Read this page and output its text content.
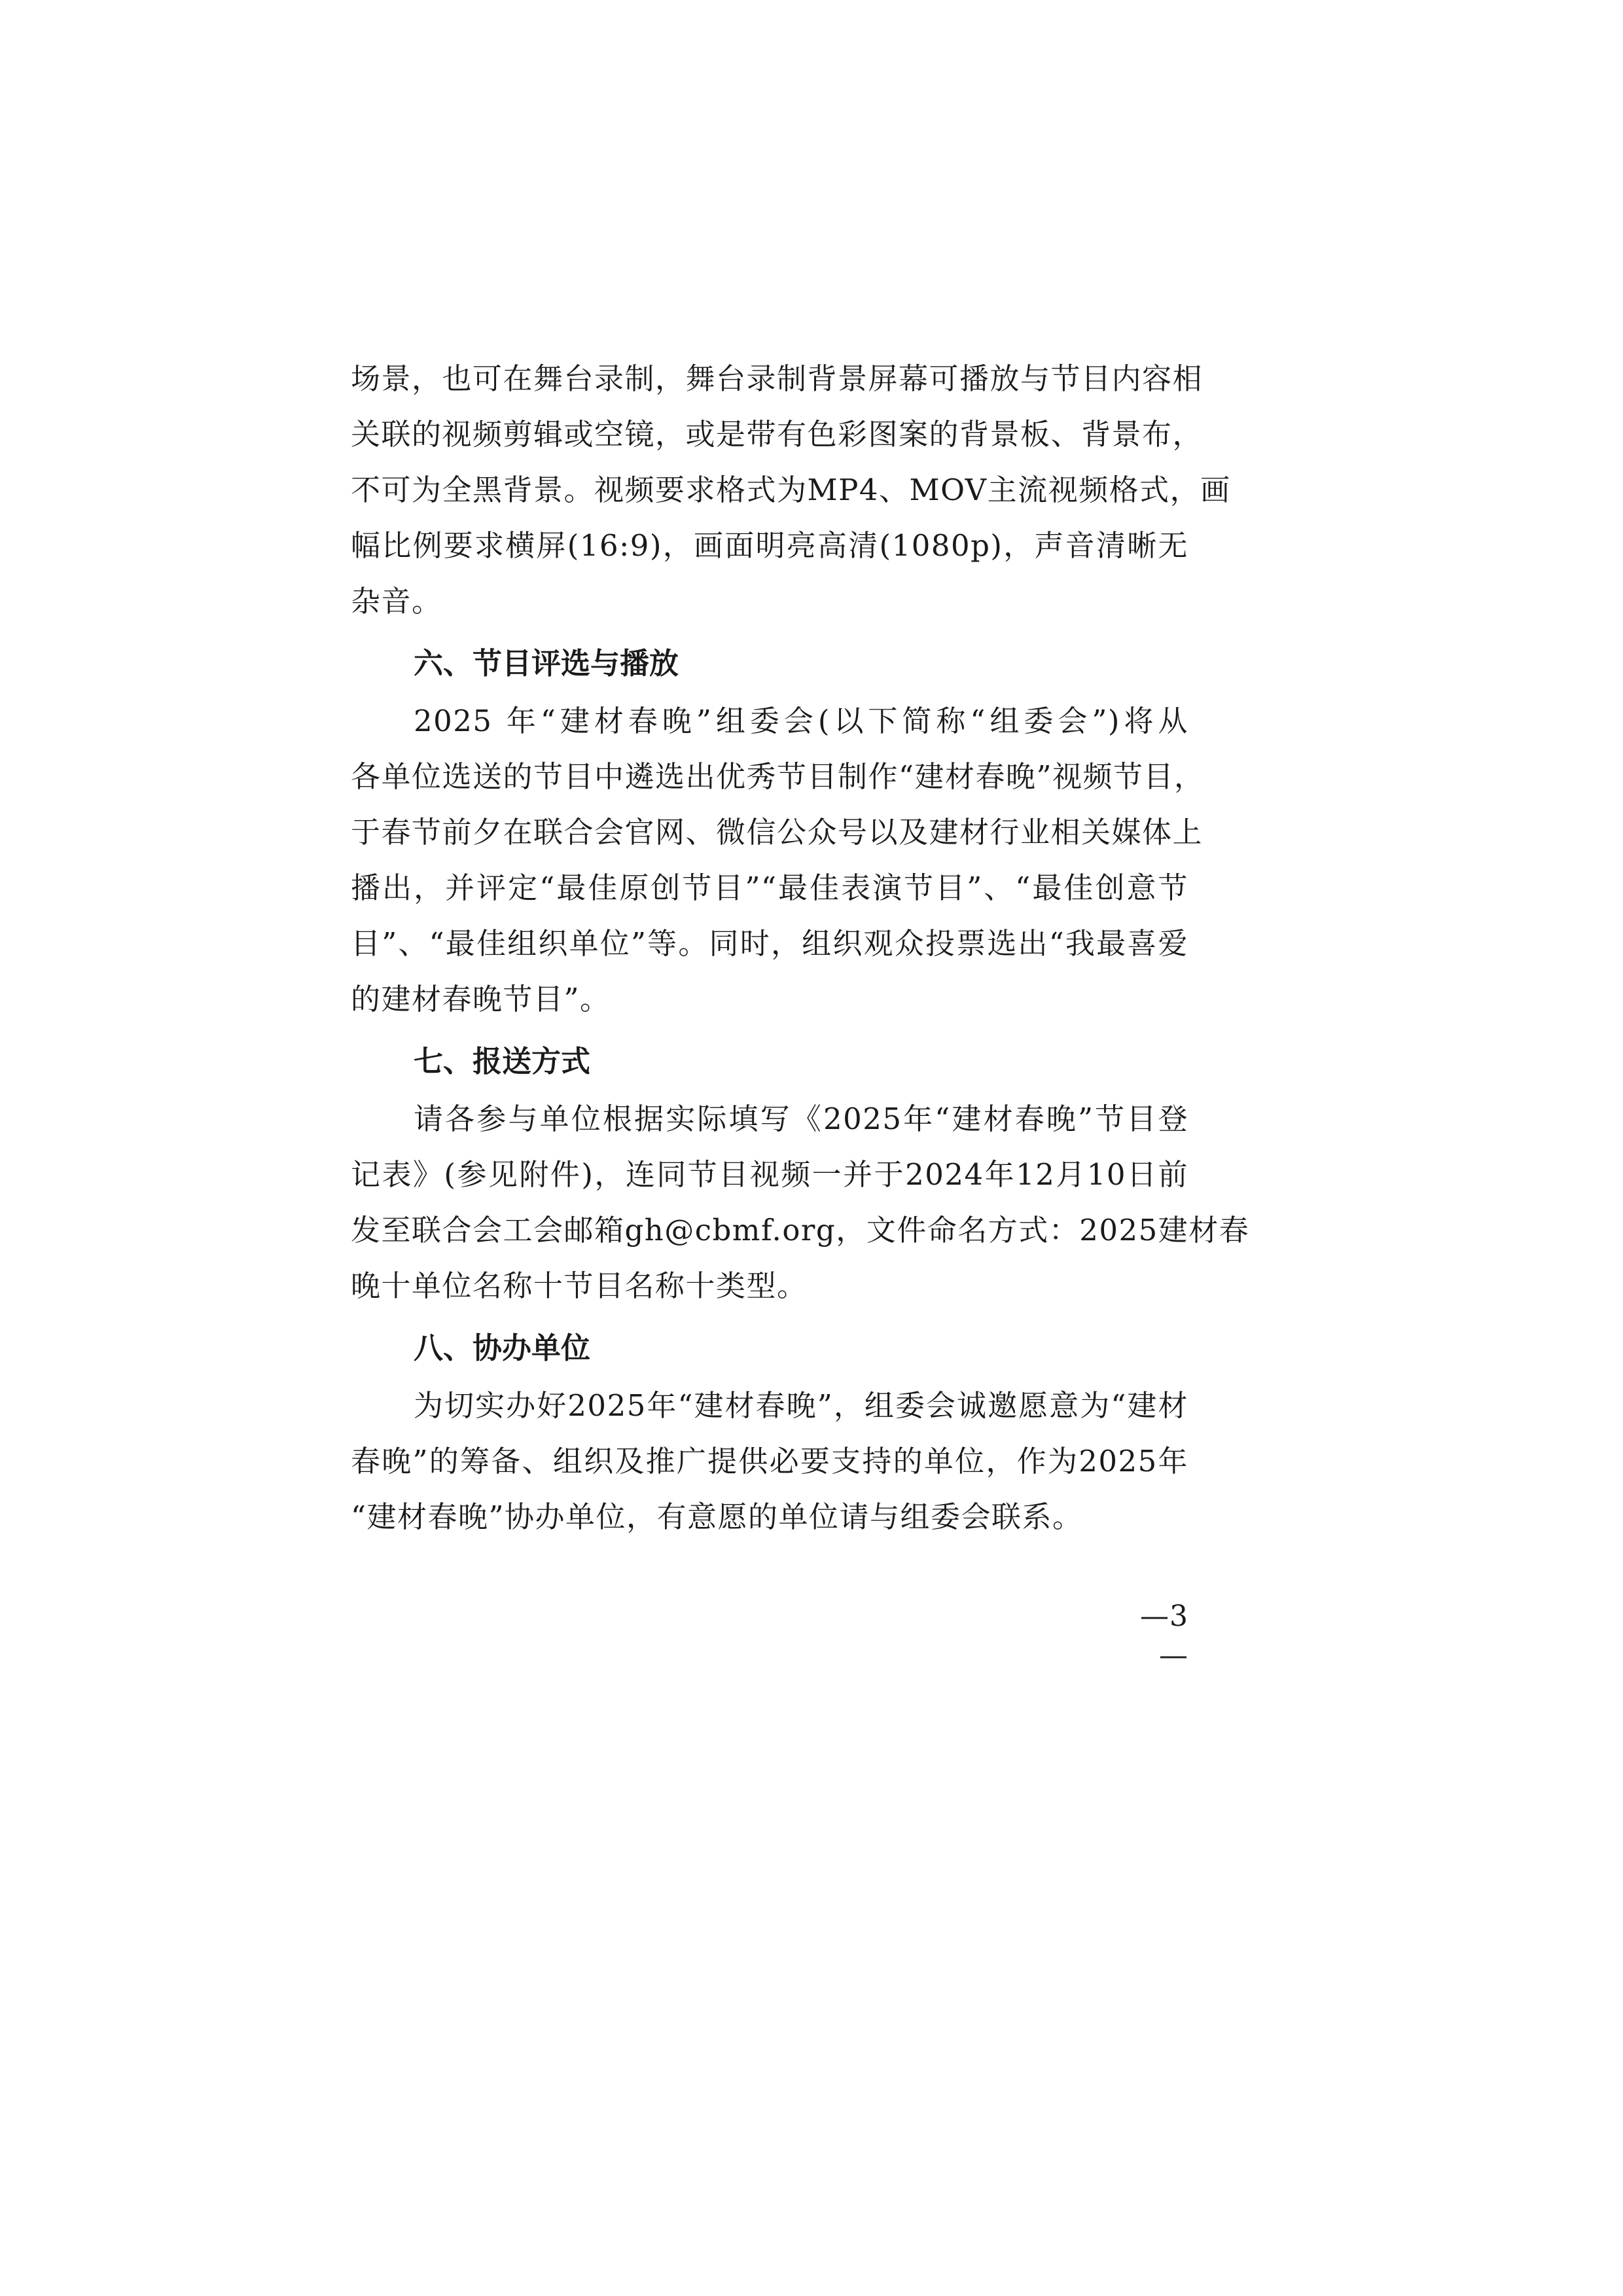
场景，也可在舞台录制，舞台录制背景屏幕可播放与节目内容相
关联的视频剪辑或空镜，或是带有色彩图案的背景板、背景布，
不可为全黑背景。视频要求格式为MP4、MOV主流视频格式，画
幅比例要求横屏(16:9)，画面明亮高清(1080p)，声音清晰无
杂音。
六、节目评选与播放
2025 年“建材春晚”组委会(以下简称“组委会”)将从
各单位选送的节目中遴选出优秀节目制作“建材春晚”视频节目，
于春节前夕在联合会官网、微信公众号以及建材行业相关媒体上
播出，并评定“最佳原创节目”“最佳表演节目”、“最佳创意节
目”、“最佳组织单位”等。同时，组织观众投票选出“我最喜爱
的建材春晚节目”。
七、报送方式
请各参与单位根据实际填写《2025年“建材春晚”节目登
记表》(参见附件)，连同节目视频一并于2024年12月10日前
发至联合会工会邮箱gh@cbmf.org，文件命名方式：2025建材春
晚十单位名称十节目名称十类型。
八、协办单位
为切实办好2025年“建材春晚”，组委会诚邀愿意为“建材
春晚”的筹备、组织及推广提供必要支持的单位，作为2025年
“建材春晚”协办单位，有意愿的单位请与组委会联系。
—3—
